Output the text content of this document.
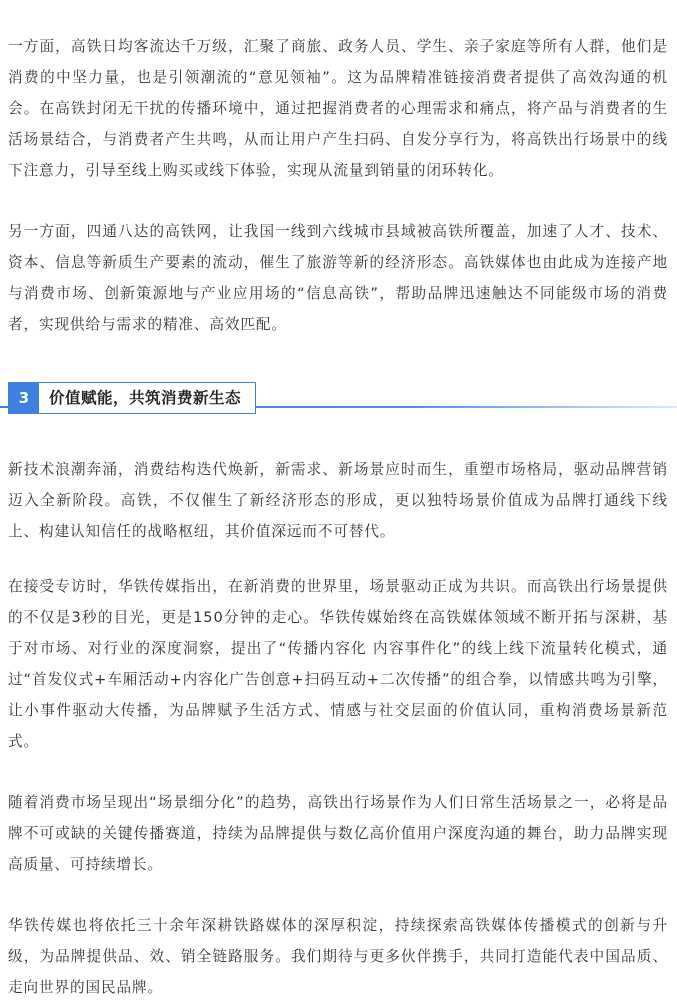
一方面，高铁日均客流达千万级，汇聚了商旅、政务人员、学生、亲子家庭等所有人群，他们是消费的中坚力量，也是引领潮流的“意见领袖”。这为品牌精准链接消费者提供了高效沟通的机会。在高铁封闭无干扰的传播环境中，通过把握消费者的心理需求和痛点，将产品与消费者的生活场景结合，与消费者产生共鸣，从而让用户产生扫码、自发分享行为，将高铁出行场景中的线下注意力，引导至线上购买或线下体验，实现从流量到销量的闭环转化。

另一方面，四通八达的高铁网，让我国一线到六线城市县域被高铁所覆盖，加速了人才、技术、资本、信息等新质生产要素的流动，催生了旅游等新的经济形态。高铁媒体也由此成为连接产地与消费市场、创新策源地与产业应用场的“信息高铁”，帮助品牌迅速触达不同能级市场的消费者，实现供给与需求的精准、高效匹配。

3	价值赋能，共筑消费新生态

新技术浪潮奔涌，消费结构迭代焕新，新需求、新场景应时而生，重塑市场格局，驱动品牌营销迈入全新阶段。高铁，不仅催生了新经济形态的形成，更以独特场景价值成为品牌打通线下线上、构建认知信任的战略枢纽，其价值深远而不可替代。

在接受专访时，华铁传媒指出，在新消费的世界里，场景驱动正成为共识。而高铁出行场景提供的不仅是3秒的目光，更是150分钟的走心。华铁传媒始终在高铁媒体领域不断开拓与深耕，基于对市场、对行业的深度洞察，提出了“传播内容化 内容事件化”的线上线下流量转化模式，通过“首发仪式+车厢活动+内容化广告创意+扫码互动+二次传播”的组合拳，以情感共鸣为引擎，让小事件驱动大传播，为品牌赋予生活方式、情感与社交层面的价值认同，重构消费场景新范式。

随着消费市场呈现出“场景细分化”的趋势，高铁出行场景作为人们日常生活场景之一，必将是品牌不可或缺的关键传播赛道，持续为品牌提供与数亿高价值用户深度沟通的舞台，助力品牌实现高质量、可持续增长。

华铁传媒也将依托三十余年深耕铁路媒体的深厚积淀，持续探索高铁媒体传播模式的创新与升级，为品牌提供品、效、销全链路服务。我们期待与更多伙伴携手，共同打造能代表中国品质、走向世界的国民品牌。
